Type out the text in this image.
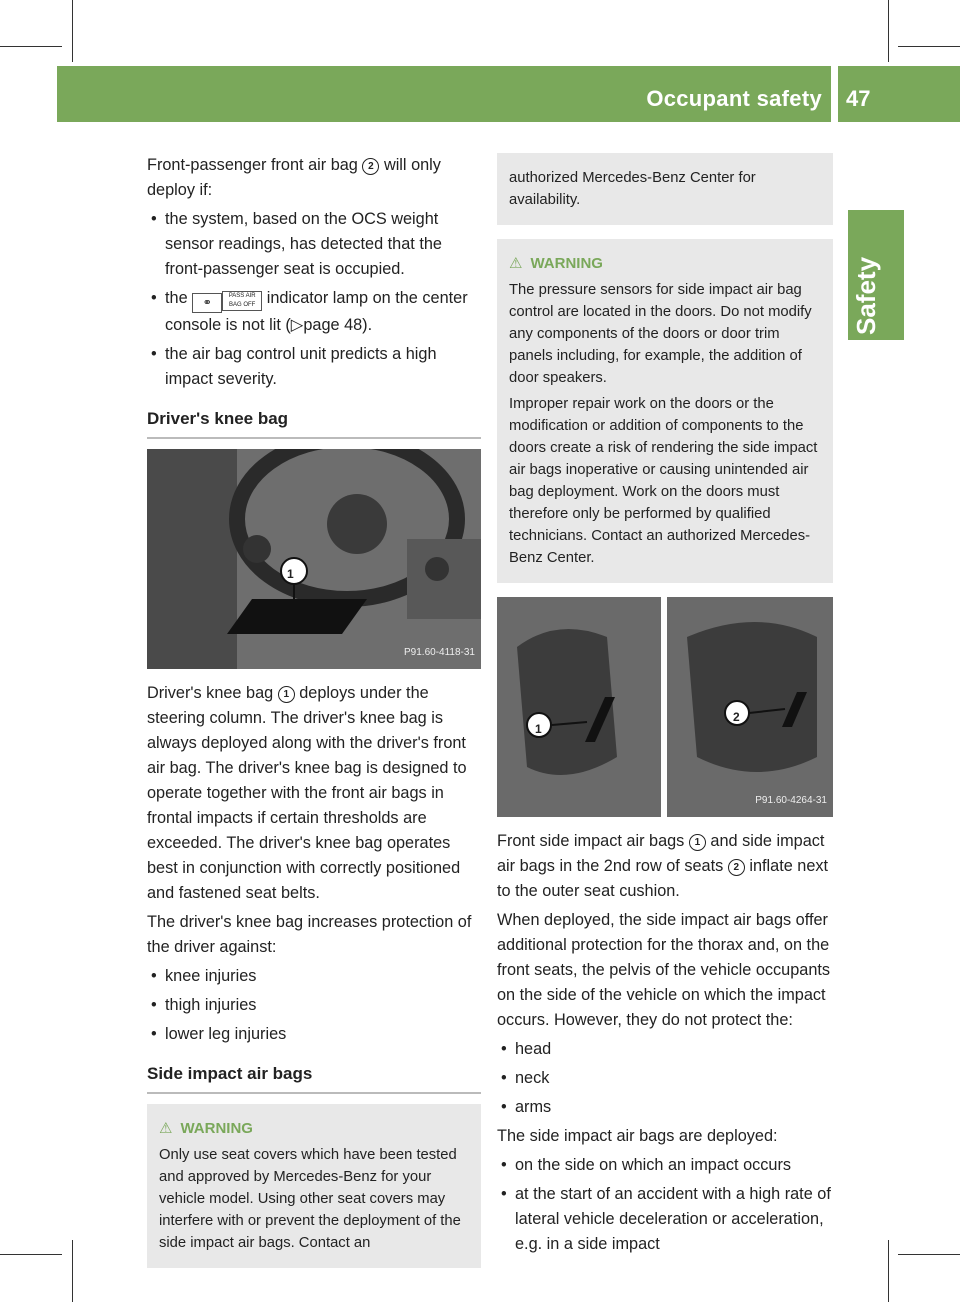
Occupant safety 47
Safety

Front-passenger front air bag 2 will only deploy if:

• the system, based on the OCS weight sensor readings, has detected that the front-passenger seat is occupied.
• the ⚭PASS AIR BAG OFF indicator lamp on the center console is not lit (▷page 48).
• the air bag control unit predicts a high impact severity.
Driver's knee bag
1
P91.60-4118-31

Driver's knee bag 1 deploys under the steering column. The driver's knee bag is always deployed along with the driver's front air bag. The driver's knee bag is designed to operate together with the front air bags in frontal impacts if certain thresholds are exceeded. The driver's knee bag operates best in conjunction with correctly positioned and fastened seat belts.

The driver's knee bag increases protection of the driver against:

• knee injuries
• thigh injuries
• lower leg injuries
Side impact air bags
⚠ WARNING

Only use seat covers which have been tested and approved by Mercedes-Benz for your vehicle model. Using other seat covers may interfere with or prevent the deployment of the side impact air bags. Contact an

authorized Mercedes-Benz Center for availability.

⚠ WARNING

The pressure sensors for side impact air bag control are located in the doors. Do not modify any components of the doors or door trim panels including, for example, the addition of door speakers.

Improper repair work on the doors or the modification or addition of components to the doors create a risk of rendering the side impact air bags inoperative or causing unintended air bag deployment. Work on the doors must therefore only be performed by qualified technicians. Contact an authorized Mercedes-Benz Center.

1
2
P91.60-4264-31

Front side impact air bags 1 and side impact air bags in the 2nd row of seats 2 inflate next to the outer seat cushion.

When deployed, the side impact air bags offer additional protection for the thorax and, on the front seats, the pelvis of the vehicle occupants on the side of the vehicle on which the impact occurs. However, they do not protect the:

• head
• neck
• arms

The side impact air bags are deployed:

• on the side on which an impact occurs
• at the start of an accident with a high rate of lateral vehicle deceleration or acceleration, e.g. in a side impact
